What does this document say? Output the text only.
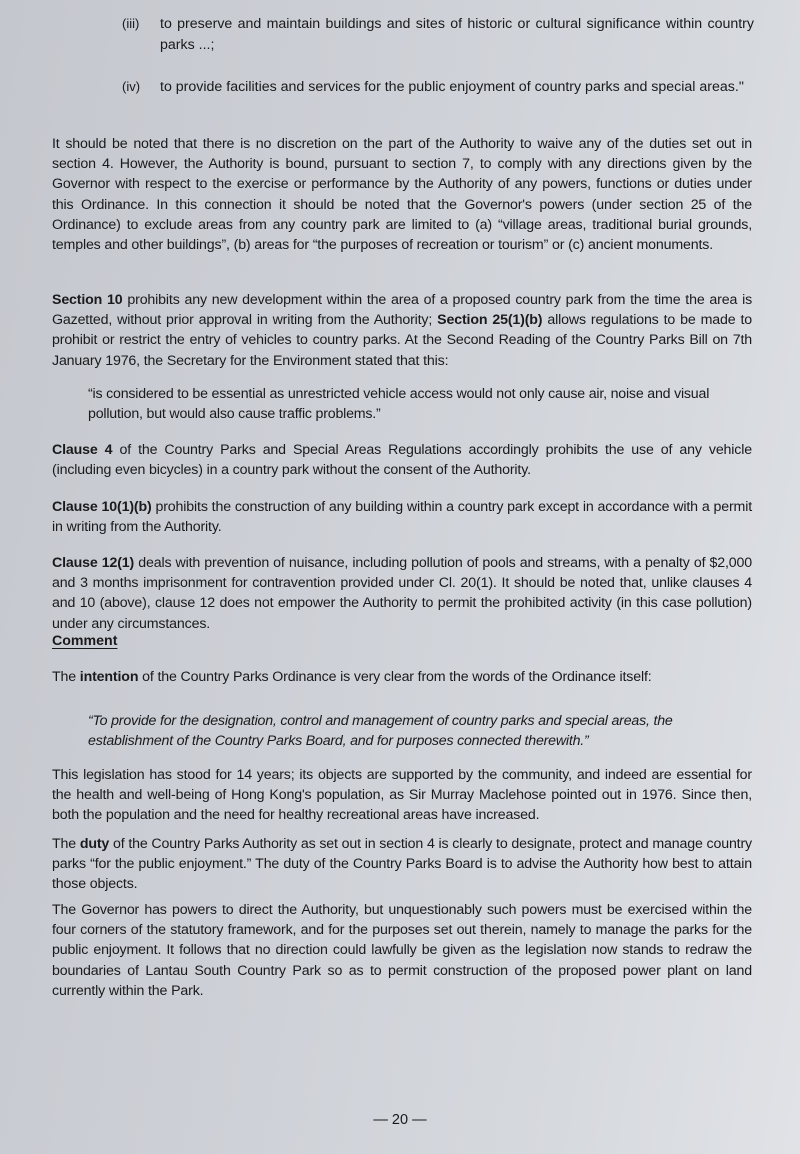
(iii) to preserve and maintain buildings and sites of historic or cultural significance within country parks ...;
(iv) to provide facilities and services for the public enjoyment of country parks and special areas."
It should be noted that there is no discretion on the part of the Authority to waive any of the duties set out in section 4. However, the Authority is bound, pursuant to section 7, to comply with any directions given by the Governor with respect to the exercise or performance by the Authority of any powers, functions or duties under this Ordinance. In this connection it should be noted that the Governor's powers (under section 25 of the Ordinance) to exclude areas from any country park are limited to (a) “village areas, traditional burial grounds, temples and other buildings”, (b) areas for “the purposes of recreation or tourism” or (c) ancient monuments.
Section 10 prohibits any new development within the area of a proposed country park from the time the area is Gazetted, without prior approval in writing from the Authority; Section 25(1)(b) allows regulations to be made to prohibit or restrict the entry of vehicles to country parks. At the Second Reading of the Country Parks Bill on 7th January 1976, the Secretary for the Environment stated that this:
“is considered to be essential as unrestricted vehicle access would not only cause air, noise and visual pollution, but would also cause traffic problems.”
Clause 4 of the Country Parks and Special Areas Regulations accordingly prohibits the use of any vehicle (including even bicycles) in a country park without the consent of the Authority.
Clause 10(1)(b) prohibits the construction of any building within a country park except in accordance with a permit in writing from the Authority.
Clause 12(1) deals with prevention of nuisance, including pollution of pools and streams, with a penalty of $2,000 and 3 months imprisonment for contravention provided under Cl. 20(1). It should be noted that, unlike clauses 4 and 10 (above), clause 12 does not empower the Authority to permit the prohibited activity (in this case pollution) under any circumstances.
Comment
The intention of the Country Parks Ordinance is very clear from the words of the Ordinance itself:
“To provide for the designation, control and management of country parks and special areas, the establishment of the Country Parks Board, and for purposes connected therewith.”
This legislation has stood for 14 years; its objects are supported by the community, and indeed are essential for the health and well-being of Hong Kong's population, as Sir Murray Maclehose pointed out in 1976. Since then, both the population and the need for healthy recreational areas have increased.
The duty of the Country Parks Authority as set out in section 4 is clearly to designate, protect and manage country parks “for the public enjoyment.” The duty of the Country Parks Board is to advise the Authority how best to attain those objects.
The Governor has powers to direct the Authority, but unquestionably such powers must be exercised within the four corners of the statutory framework, and for the purposes set out therein, namely to manage the parks for the public enjoyment. It follows that no direction could lawfully be given as the legislation now stands to redraw the boundaries of Lantau South Country Park so as to permit construction of the proposed power plant on land currently within the Park.
— 20 —
